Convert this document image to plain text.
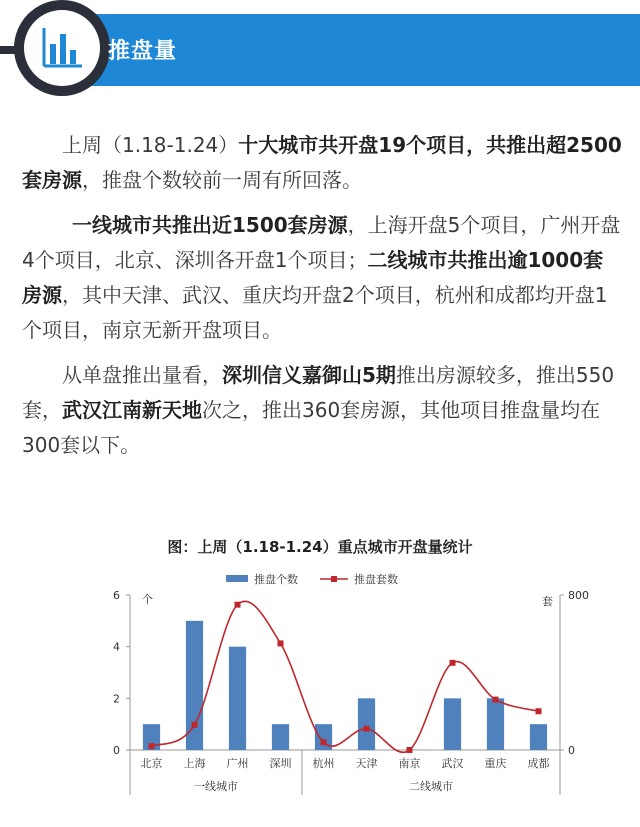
推盘量

上周（1.18-1.24）十大城市共开盘19个项目，共推出超2500套房源，推盘个数较前一周有所回落。

一线城市共推出近1500套房源，上海开盘5个项目，广州开盘4个项目，北京、深圳各开盘1个项目；二线城市共推出逾1000套房源，其中天津、武汉、重庆均开盘2个项目，杭州和成都均开盘1个项目，南京无新开盘项目。

从单盘推出量看，深圳信义嘉御山5期推出房源较多，推出550套，武汉江南新天地次之，推出360套房源，其他项目推盘量均在300套以下。

图：上周（1.18-1.24）重点城市开盘量统计
推盘个数	推盘套数
0
2
4
6 个
0
800
套
北京 上海 广州 深圳 杭州 天津 南京 武汉 重庆 成都
一线城市	二线城市
